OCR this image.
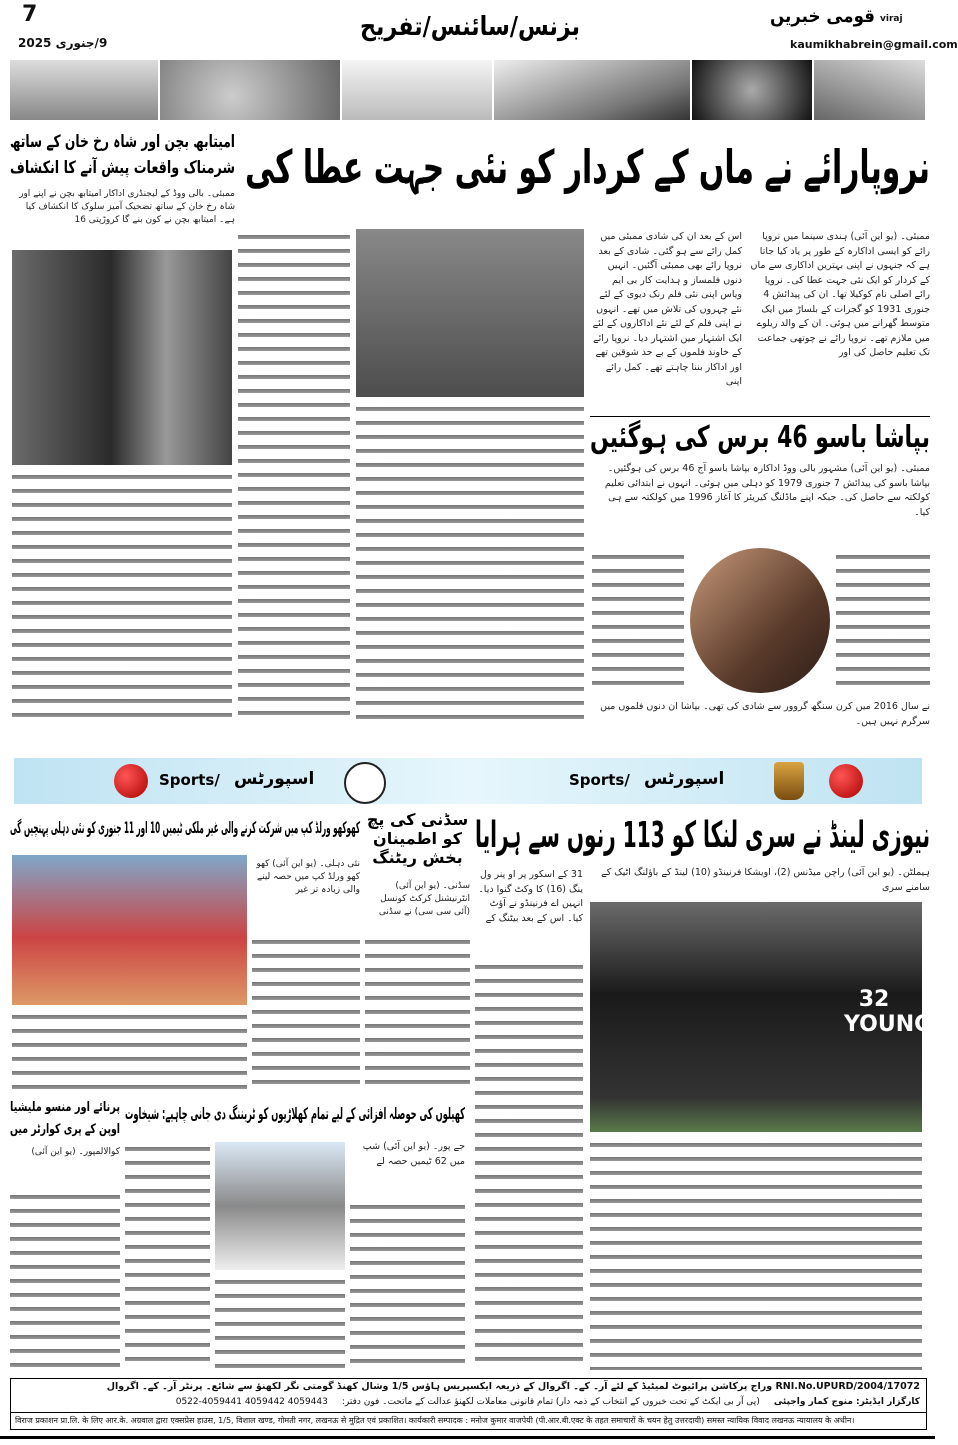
7
9/جنوری 2025
بزنس/سائنس/تفریح	viraj
قومی خبریں
kaumikhabrein@gmail.com
امیتابھ بچن اور شاہ رخ خان کے ساتھ
شرمناک واقعات پیش آنے کا انکشاف
ممبئی۔ بالی ووڈ کے لیجنڈری اداکار امیتابھ بچن نے اپنے اور شاہ رخ خان کے ساتھ تضحیک آمیز سلوک کا انکشاف کیا ہے۔ امیتابھ بچن نے کون بنے گا کروڑپتی 16
نروپارائے نے ماں کے کردار کو نئی جہت عطا کی
ممبئی۔ (یو این آئی) ہندی سینما میں نروپا رائے کو ایسی اداکارہ کے طور پر یاد کیا جاتا ہے کہ جنہوں نے اپنی بہترین اداکاری سے ماں کے کردار کو ایک نئی جہت عطا کی۔ نروپا رائے اصلی نام کوکیلا تھا۔ ان کی پیدائش 4 جنوری 1931 کو گجرات کے بلساڑ میں ایک متوسط گھرانے میں ہوئی۔ ان کے والد ریلوے میں ملازم تھے۔ نروپا رائے نے چوتھی جماعت تک تعلیم حاصل کی اور
اس کے بعد ان کی شادی ممبئی میں کمل رائے سے ہو گئی۔ شادی کے بعد نروپا رائے بھی ممبئی آگئیں۔ انہیں دنوں فلمساز و ہدایت کار بی ایم ویاس اپنی نئی فلم رنک دیوی کے لئے نئے چہروں کی تلاش میں تھے۔ انہوں نے اپنی فلم کے لئے نئے اداکاروں کے لئے ایک اشتہار میں اشتہار دیا۔ نروپا رائے کے خاوند فلموں کے بے حد شوقین تھے اور اداکار بننا چاہتے تھے۔ کمل رائے اپنی
بپاشا باسو 46 برس کی ہوگئیں
ممبئی۔ (یو این آئی) مشہور بالی ووڈ اداکارہ بپاشا باسو آج 46 برس کی ہوگئیں۔ بپاشا باسو کی پیدائش 7 جنوری 1979 کو دہلی میں ہوئی۔ انہوں نے ابتدائی تعلیم کولکتہ سے حاصل کی۔ جبکہ اپنے ماڈلنگ کیریئر کا آغاز 1996 میں کولکتہ سے ہی کیا۔
نے سال 2016 میں کرن سنگھ گروور سے شادی کی تھی۔ بپاشا ان دنوں فلموں میں سرگرم نہیں ہیں۔
Sports/ اسپورٹس	Sports/ اسپورٹس
نیوزی لینڈ نے سری لنکا کو 113 رنوں سے ہرایا
ہیملٹن۔ (یو این آئی) راچن میڈنس (2)، اویشکا فرنینڈو (10) لینڈ کے باؤلنگ اٹیک کے سامنے سری
32 YOUNG
31 کے اسکور پر او پنر ول ینگ (16) کا وکٹ گنوا دیا۔ انہیں اے فرنینڈو نے آؤٹ کیا۔ اس کے بعد بیٹنگ کے
سڈنی کی پچ کو اطمینان بخش ریٹنگ
سڈنی۔ (یو این آئی) انٹرنیشنل کرکٹ کونسل (آئی سی سی) نے سڈنی
کھوکھو ورلڈ کپ میں شرکت کرنے والی غیر ملکی ٹیمیں 10 اور 11 جنوری کو نئی دہلی پہنچیں گی
نئی دہلی۔ (یو این آئی) کھو کھو ورلڈ کپ میں حصہ لینے والی زیادہ تر غیر
کھیلوں کی حوصلہ افزائی کے لیے تمام کھلاڑیوں کو ٹریننگ دی جانی چاہیے: شیخاوت
جے پور۔ (یو این آئی) شپ میں 62 ٹیمیں حصہ لے
پرنائے اور منسو ملیشیا
اوپن کے پری کوارٹر میں
کوالالمپور۔ (یو این آئی)
RNI.No.UPURD/2004/17072 وراج پرکاشن پرائیوٹ لمیٹیڈ کے لئے آر۔ کے۔ اگروال کے ذریعہ ایکسپریس ہاؤس 1/5 وشال کھنڈ گومتی نگر لکھنؤ سے شائع۔ پرنٹر آر۔ کے۔ اگروال
کارگزار ایڈیٹر: منوج کمار واجپئی
(پی آر بی ایکٹ کے تحت خبروں کے انتخاب کے ذمہ دار) تمام قانونی معاملات لکھنؤ عدالت کے ماتحت۔ فون دفتر:
0522-4059441 4059442 4059443
विराज प्रकाशन प्रा.लि. के लिए आर.के. अग्रवाल द्वारा एक्सप्रेस हाउस, 1/5, विशाल खण्ड, गोमती नगर, लखनऊ से मुद्रित एवं प्रकाशित। कार्यकारी सम्पादक : मनोज कुमार वाजपेयी (पी.आर.बी.एक्ट के तहत समाचारों के चयन हेतु उत्तरदायी) समस्त न्यायिक विवाद लखनऊ न्यायालय के अधीन।
